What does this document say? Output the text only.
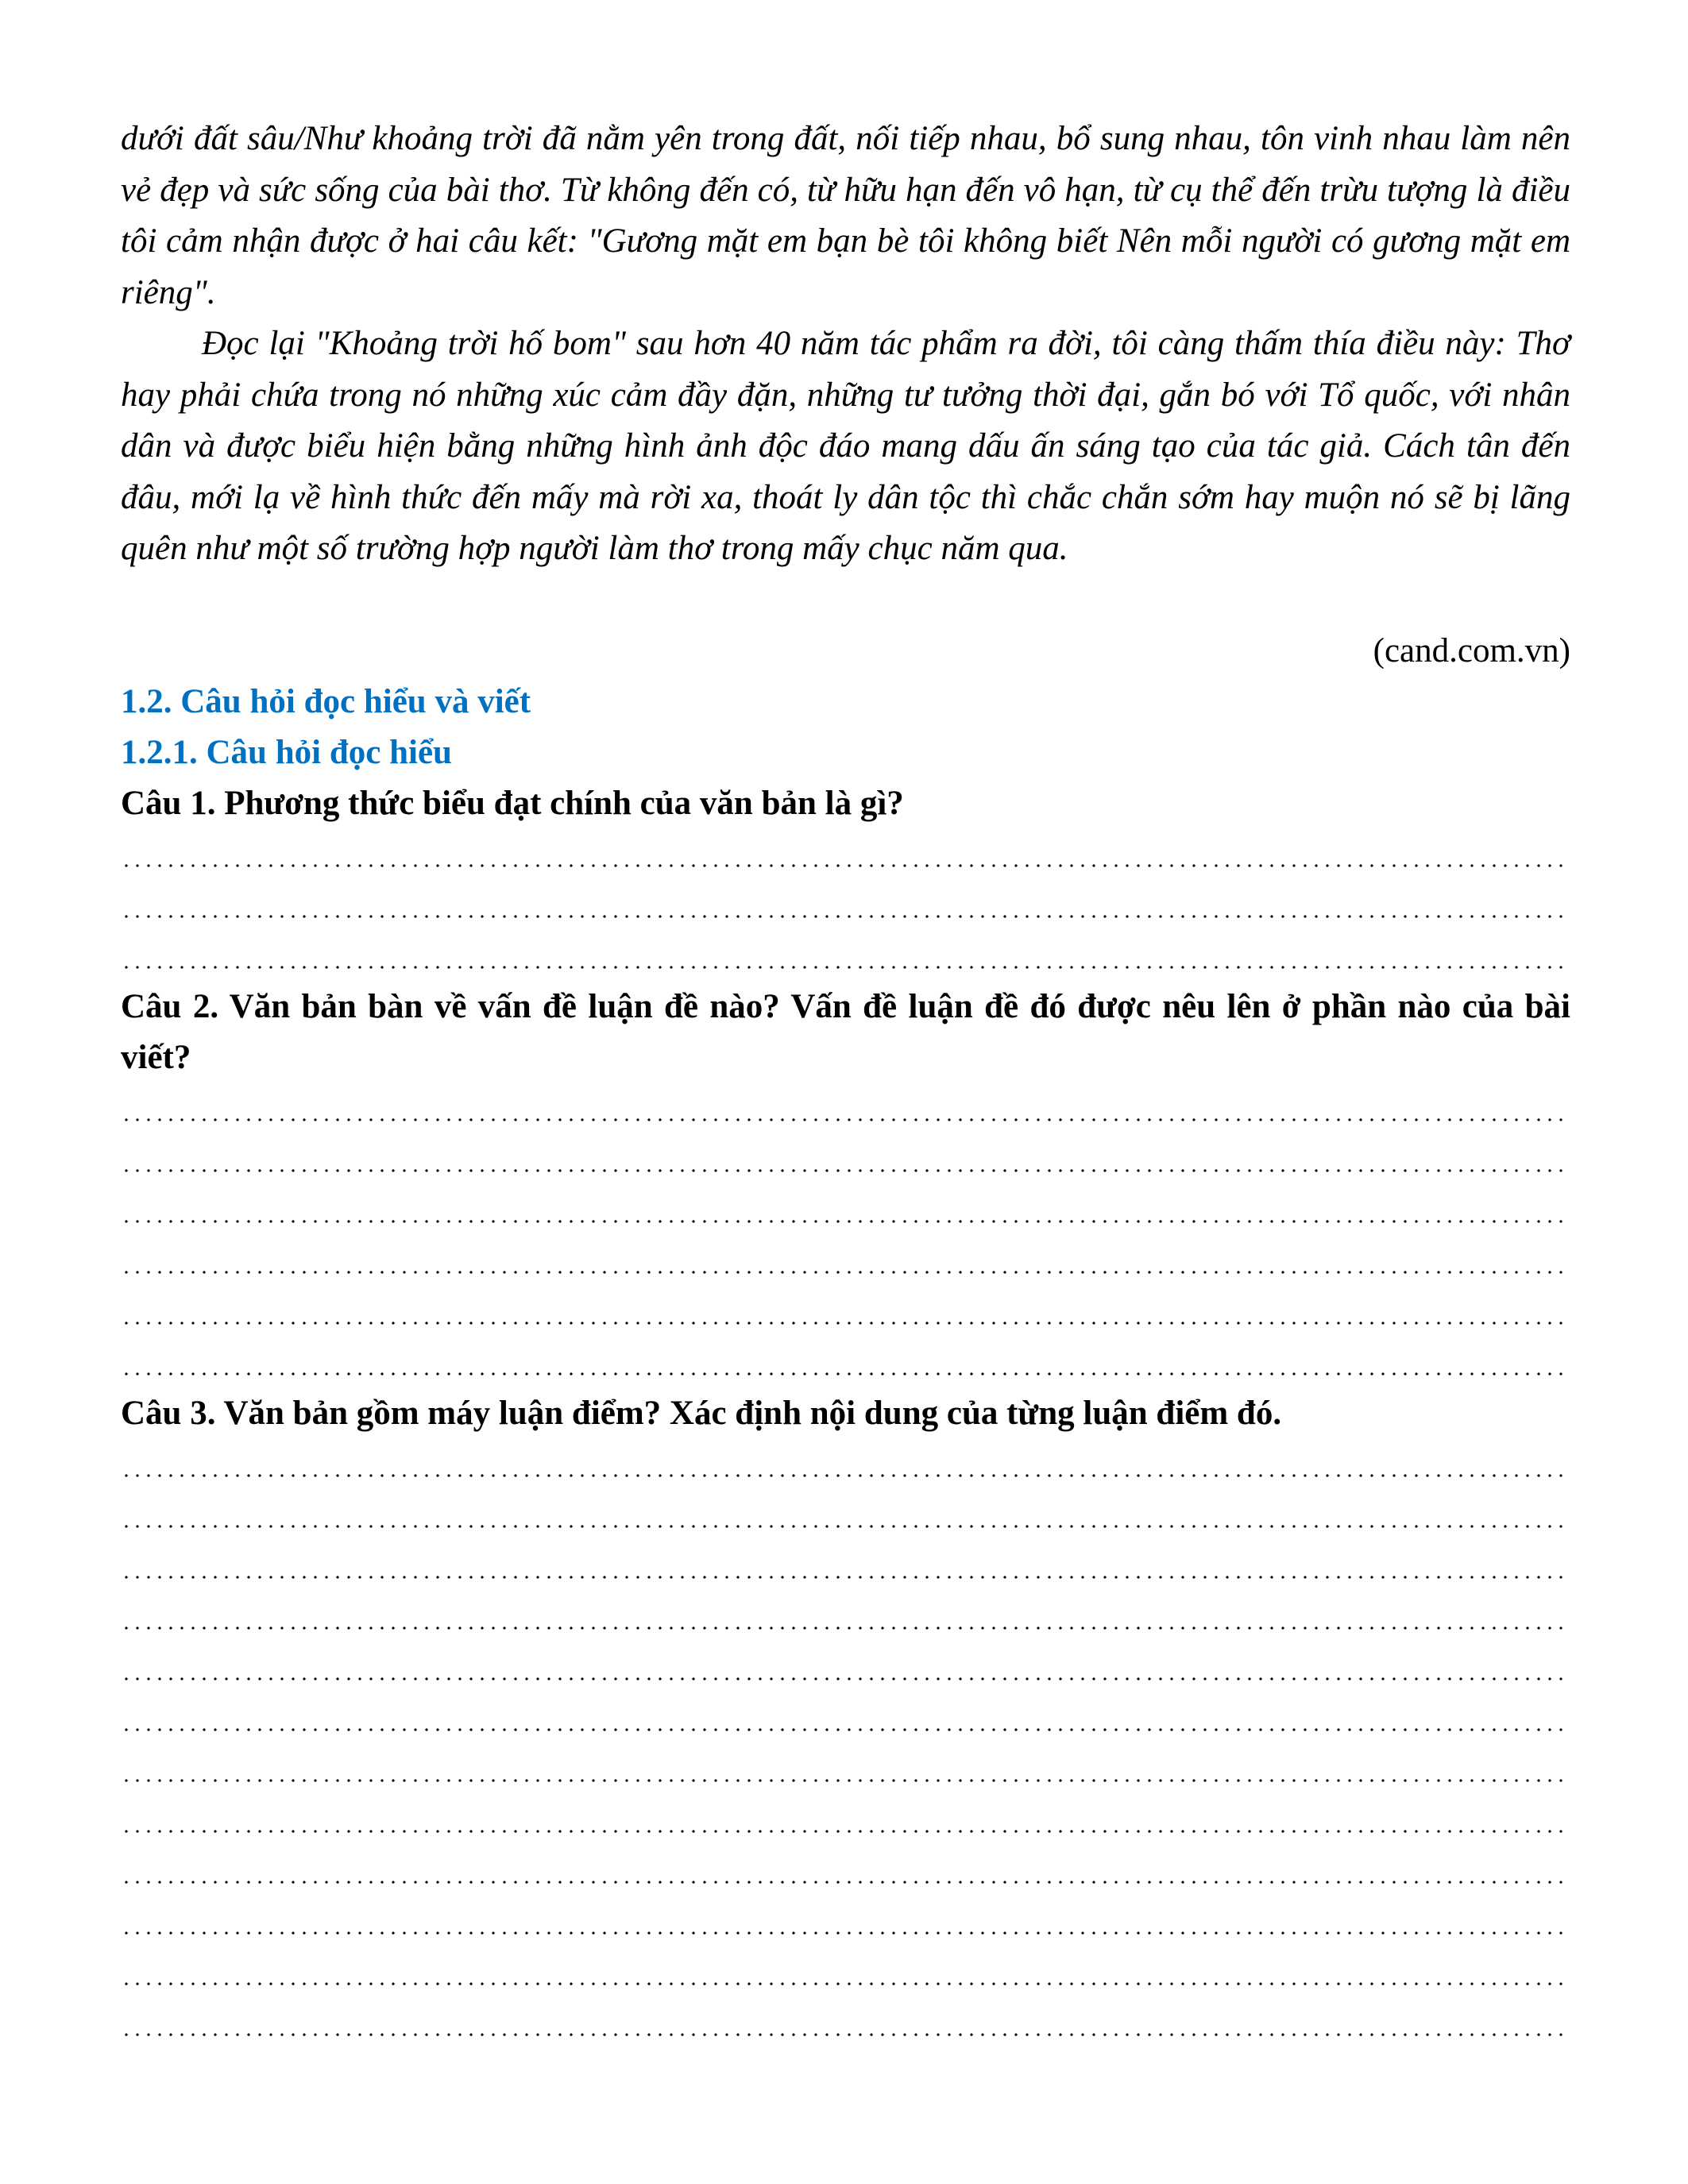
dưới đất sâu/Như khoảng trời đã nằm yên trong đất, nối tiếp nhau, bổ sung nhau, tôn vinh nhau làm nên vẻ đẹp và sức sống của bài thơ. Từ không đến có, từ hữu hạn đến vô hạn, từ cụ thể đến trừu tượng là điều tôi cảm nhận được ở hai câu kết: "Gương mặt em bạn bè tôi không biết Nên mỗi người có gương mặt em riêng".

Đọc lại "Khoảng trời hố bom" sau hơn 40 năm tác phẩm ra đời, tôi càng thấm thía điều này: Thơ hay phải chứa trong nó những xúc cảm đầy đặn, những tư tưởng thời đại, gắn bó với Tổ quốc, với nhân dân và được biểu hiện bằng những hình ảnh độc đáo mang dấu ấn sáng tạo của tác giả. Cách tân đến đâu, mới lạ về hình thức đến mấy mà rời xa, thoát ly dân tộc thì chắc chắn sớm hay muộn nó sẽ bị lãng quên như một số trường hợp người làm thơ trong mấy chục năm qua.

(cand.com.vn)
1.2. Câu hỏi đọc hiểu và viết
1.2.1. Câu hỏi đọc hiểu

Câu 1. Phương thức biểu đạt chính của văn bản là gì?

Câu 2. Văn bản bàn về vấn đề luận đề nào? Vấn đề luận đề đó được nêu lên ở phần nào của bài viết?

Câu 3. Văn bản gồm máy luận điểm? Xác định nội dung của từng luận điểm đó.
